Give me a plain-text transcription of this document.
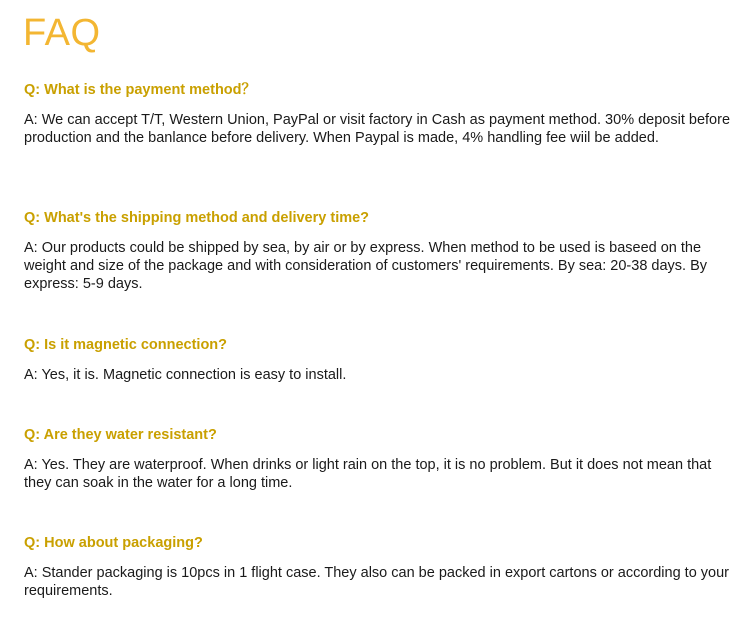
FAQ

Q: What is the payment method？

A: We can accept T/T, Western Union, PayPal or visit factory in Cash as payment method. 30% deposit before production and the banlance before delivery. When Paypal is made, 4% handling fee wiil be added.

Q: What's the shipping method and delivery time?

A: Our products could be shipped by sea, by air or by express. When method to be used is baseed on the weight and size of the package and with consideration of customers' requirements. By sea: 20-38 days. By express: 5-9 days.

Q: Is it magnetic connection?

A: Yes, it is. Magnetic connection is easy to install.

Q: Are they water resistant?

A: Yes. They are waterproof. When drinks or light rain on the top, it is no problem. But it does not mean that they can soak in the water for a long time.

Q: How about packaging?

A: Stander packaging is 10pcs in 1 flight case. They also can be packed in export cartons or according to your requirements.
